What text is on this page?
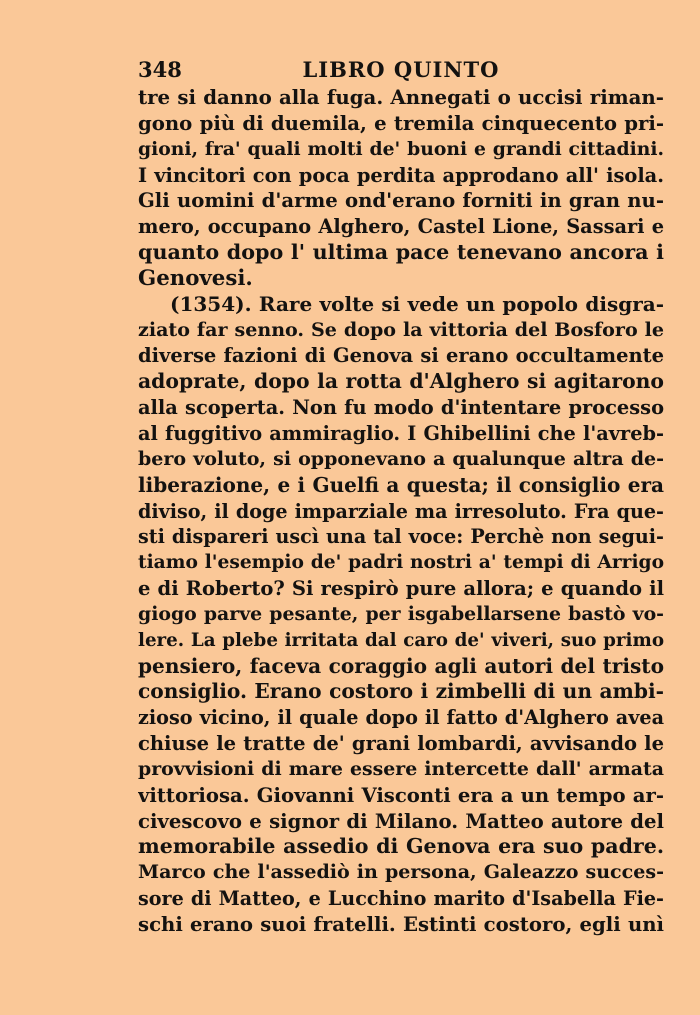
348	LIBRO QUINTO
tre si danno alla fuga. Annegati o uccisi riman-
gono più di duemila, e tremila cinquecento pri-
gioni, fra' quali molti de' buoni e grandi cittadini.
I vincitori con poca perdita approdano all' isola.
Gli uomini d'arme ond'erano forniti in gran nu-
mero, occupano Alghero, Castel Lione, Sassari e
quanto dopo l' ultima pace tenevano ancora i
Genovesi.
(1354). Rare volte si vede un popolo disgra-
ziato far senno. Se dopo la vittoria del Bosforo le
diverse fazioni di Genova si erano occultamente
adoprate, dopo la rotta d'Alghero si agitarono
alla scoperta. Non fu modo d'intentare processo
al fuggitivo ammiraglio. I Ghibellini che l'avreb-
bero voluto, si opponevano a qualunque altra de-
liberazione, e i Guelfi a questa; il consiglio era
diviso, il doge imparziale ma irresoluto. Fra que-
sti dispareri uscì una tal voce: Perchè non segui-
tiamo l'esempio de' padri nostri a' tempi di Arrigo
e di Roberto? Si respirò pure allora; e quando il
giogo parve pesante, per isgabellarsene bastò vo-
lere. La plebe irritata dal caro de' viveri, suo primo
pensiero, faceva coraggio agli autori del tristo
consiglio. Erano costoro i zimbelli di un ambi-
zioso vicino, il quale dopo il fatto d'Alghero avea
chiuse le tratte de' grani lombardi, avvisando le
provvisioni di mare essere intercette dall' armata
vittoriosa. Giovanni Visconti era a un tempo ar-
civescovo e signor di Milano. Matteo autore del
memorabile assedio di Genova era suo padre.
Marco che l'assediò in persona, Galeazzo succes-
sore di Matteo, e Lucchino marito d'Isabella Fie-
schi erano suoi fratelli. Estinti costoro, egli unì
